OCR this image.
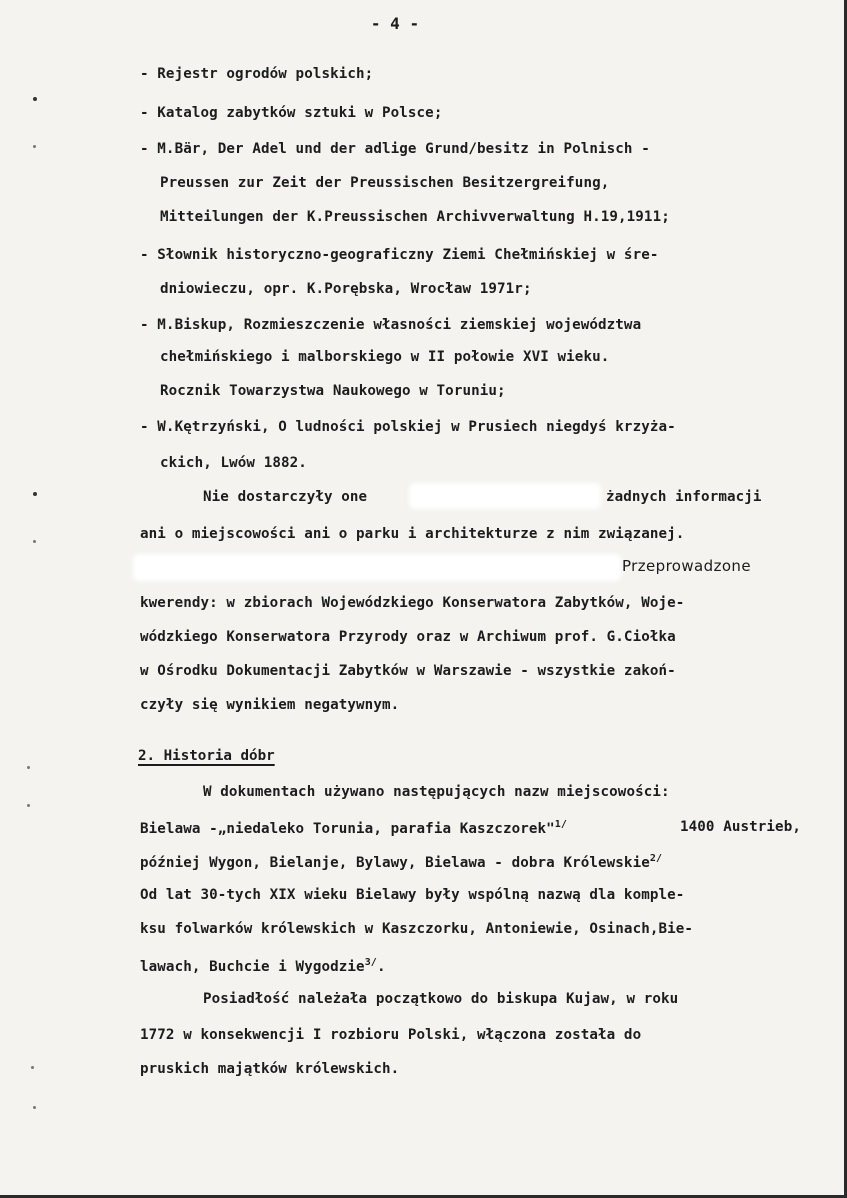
- 4 -
- Rejestr ogrodów polskich;
- Katalog zabytków sztuki w Polsce;
- M.Bär, Der Adel und der adlige Grund/besitz in Polnisch -
Preussen zur Zeit der Preussischen Besitzergreifung,
Mitteilungen der K.Preussischen Archivverwaltung H.19,1911;
- Słownik historyczno-geograficzny Ziemi Chełmińskiej w śre-
dniowieczu, opr. K.Porębska, Wrocław 1971r;
- M.Biskup, Rozmieszczenie własności ziemskiej województwa
chełmińskiego i malborskiego w II połowie XVI wieku.
Rocznik Towarzystwa Naukowego w Toruniu;
- W.Kętrzyński, O ludności polskiej w Prusiech niegdyś krzyża-
ckich, Lwów 1882.
Nie dostarczyły one	żadnych informacji
ani o miejscowości ani o parku i architekturze z nim związanej.
Przeprowadzone
kwerendy: w zbiorach Wojewódzkiego Konserwatora Zabytków, Woje-
wódzkiego Konserwatora Przyrody oraz w Archiwum prof. G.Ciołka
w Ośrodku Dokumentacji Zabytków w Warszawie - wszystkie zakoń-
czyły się wynikiem negatywnym.
2. Historia dóbr
W dokumentach używano następujących nazw miejscowości:
Bielawa -„niedaleko Torunia, parafia Kaszczorek"$^{1/}$	1400 Austrieb,
później Wygon, Bielanje, Bylawy, Bielawa - dobra Królewskie$^{2/}$
Od lat 30-tych XIX wieku Bielawy były wspólną nazwą dla komple-
ksu folwarków królewskich w Kaszczorku, Antoniewie, Osinach,Bie-
lawach, Buchcie i Wygodzie$^{3/}$.
Posiadłość należała początkowo do biskupa Kujaw, w roku
1772 w konsekwencji I rozbioru Polski, włączona została do
pruskich majątków królewskich.
